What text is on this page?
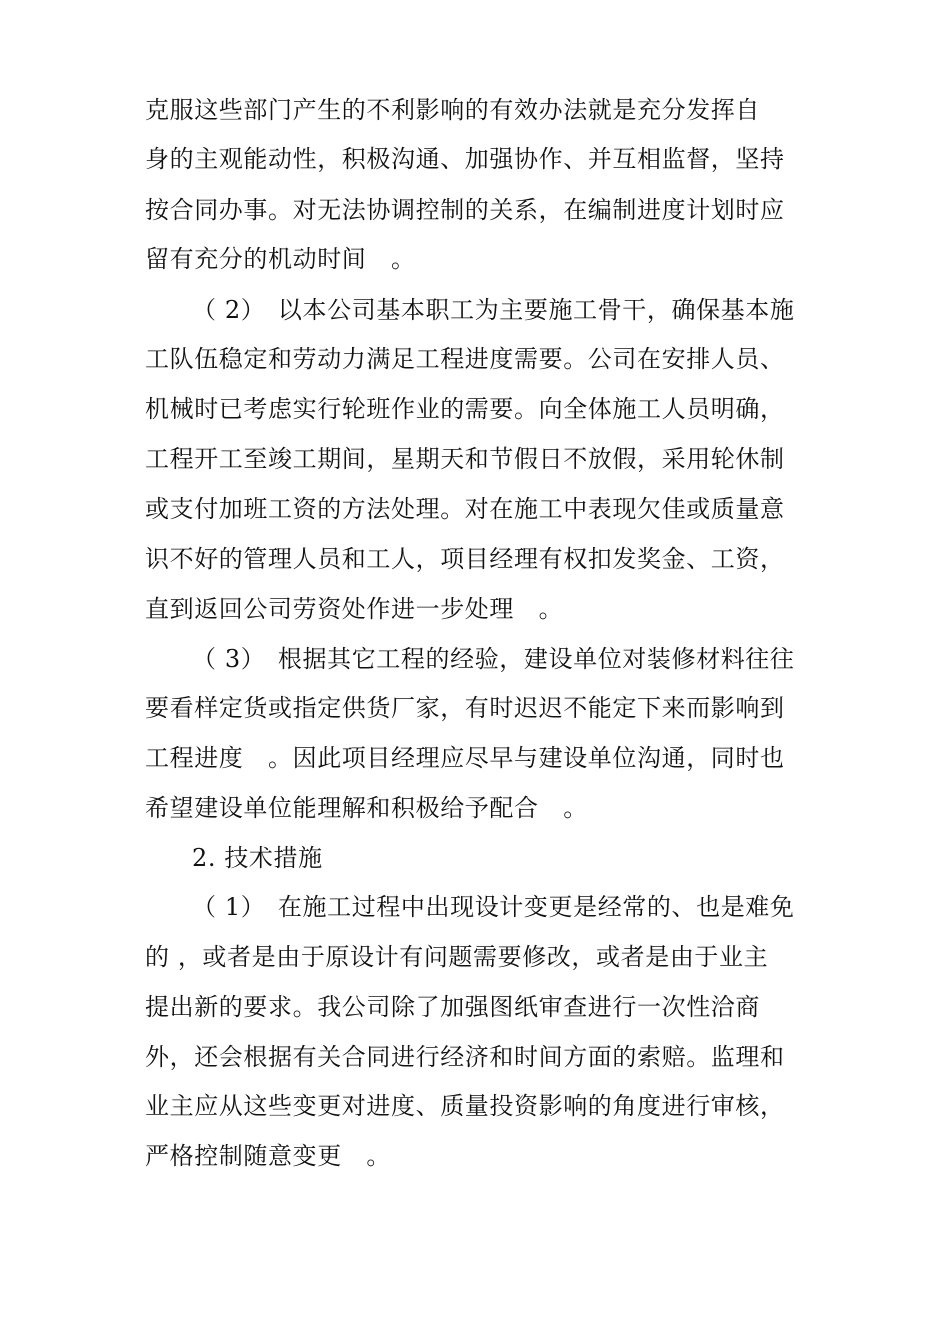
克服这些部门产生的不利影响的有效办法就是充分发挥自
身的主观能动性，积极沟通、加强协作、并互相监督，坚持
按合同办事。对无法协调控制的关系，在编制进度计划时应
留有充分的机动时间　。
（ 2）　以本公司基本职工为主要施工骨干，确保基本施
工队伍稳定和劳动力满足工程进度需要。公司在安排人员、
机械时已考虑实行轮班作业的需要。向全体施工人员明确，
工程开工至竣工期间，星期天和节假日不放假，采用轮休制
或支付加班工资的方法处理。对在施工中表现欠佳或质量意
识不好的管理人员和工人，项目经理有权扣发奖金、工资，
直到返回公司劳资处作进一步处理　。
（ 3）　根据其它工程的经验，建设单位对装修材料往往
要看样定货或指定供货厂家，有时迟迟不能定下来而影响到
工程进度　。因此项目经理应尽早与建设单位沟通，同时也
希望建设单位能理解和积极给予配合　。
2. 技术措施
（ 1）　在施工过程中出现设计变更是经常的、也是难免
的 ，或者是由于原设计有问题需要修改，或者是由于业主
提出新的要求。我公司除了加强图纸审查进行一次性洽商
外，还会根据有关合同进行经济和时间方面的索赔。监理和
业主应从这些变更对进度、质量投资影响的角度进行审核，
严格控制随意变更　。
